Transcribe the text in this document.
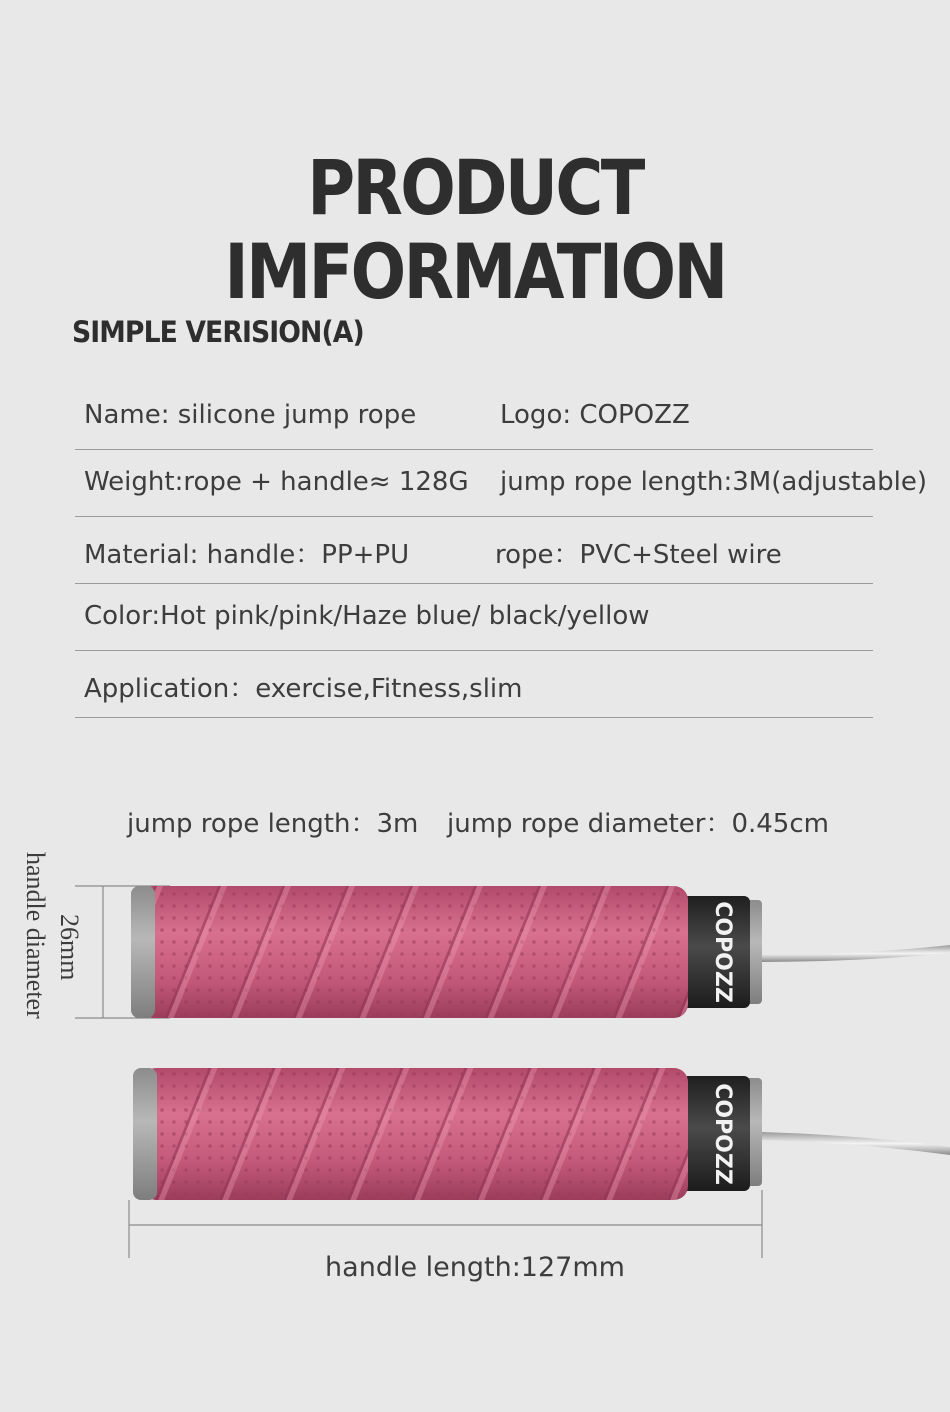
PRODUCT IMFORMATION
SIMPLE VERISION(A)
Name: silicone jump rope	Logo: COPOZZ
Weight:rope + handle≈ 128G jump rope length:3M(adjustable)
Material: handle：PP+PU	rope：PVC+Steel wire
Color:Hot pink/pink/Haze blue/ black/yellow
Application：exercise,Fitness,slim
jump rope length：3m jump rope diameter：0.45cm
COPOZZ
COPOZZ
handle diameter 26mm
handle length:127mm
